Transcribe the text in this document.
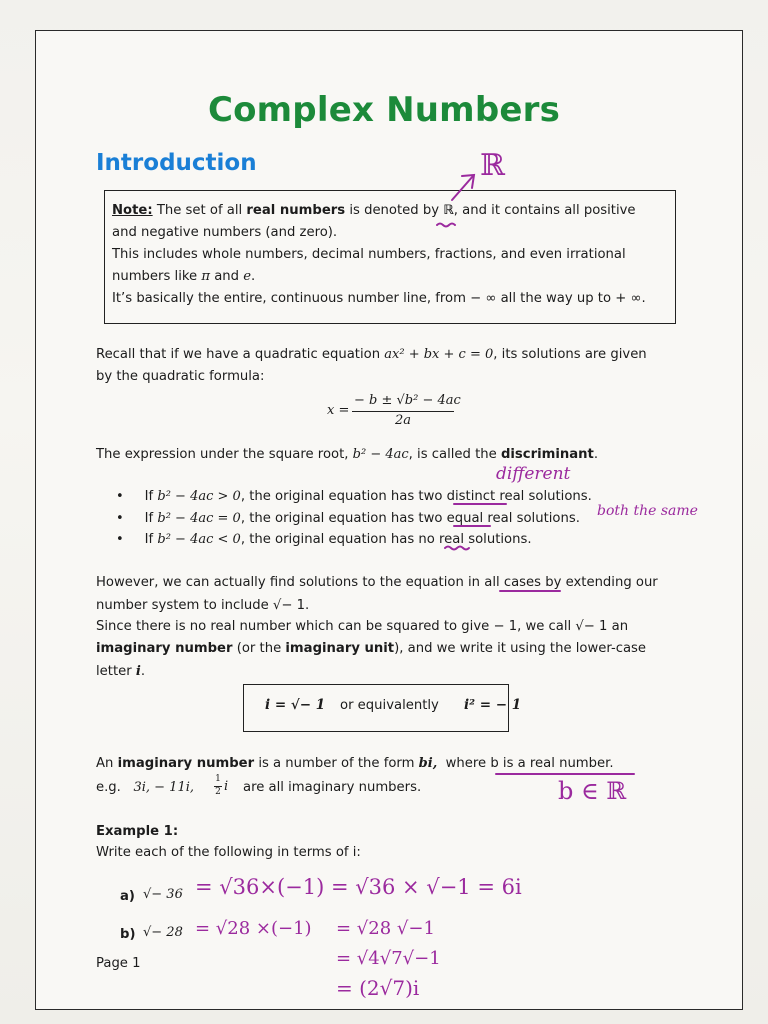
Complex Numbers
Introduction
Note: The set of all real numbers is denoted by ℝ, and it contains all positive
and negative numbers (and zero).
This includes whole numbers, decimal numbers, fractions, and even irrational
numbers like π and e.
It’s basically the entire, continuous number line, from − ∞ all the way up to + ∞.
Recall that if we have a quadratic equation ax² + bx + c = 0, its solutions are given
by the quadratic formula:
x =
− b ± √b² − 4ac
2a
The expression under the square root, b² − 4ac, is called the discriminant.
• If b² − 4ac > 0, the original equation has two distinct real solutions.
• If b² − 4ac = 0, the original equation has two equal real solutions.
• If b² − 4ac < 0, the original equation has no real solutions.
However, we can actually find solutions to the equation in all cases by extending our
number system to include √− 1.
Since there is no real number which can be squared to give − 1, we call √− 1 an
imaginary number (or the imaginary unit), and we write it using the lower-case
letter i.
i = √− 1 or equivalently i² = − 1
An imaginary number is a number of the form bi, where b is a real number.
e.g. 3i, − 11i,
1
2 i are all imaginary numbers.
Example 1:
Write each of the following in terms of i:
a) √− 36
b) √− 28
Page 1
ℝ
different
both the same
b ∈ ℝ
= √36×(−1) = √36 × √−1 = 6i
= √28 ×(−1) = √28 √−1
= √4√7√−1
= (2√7)i
